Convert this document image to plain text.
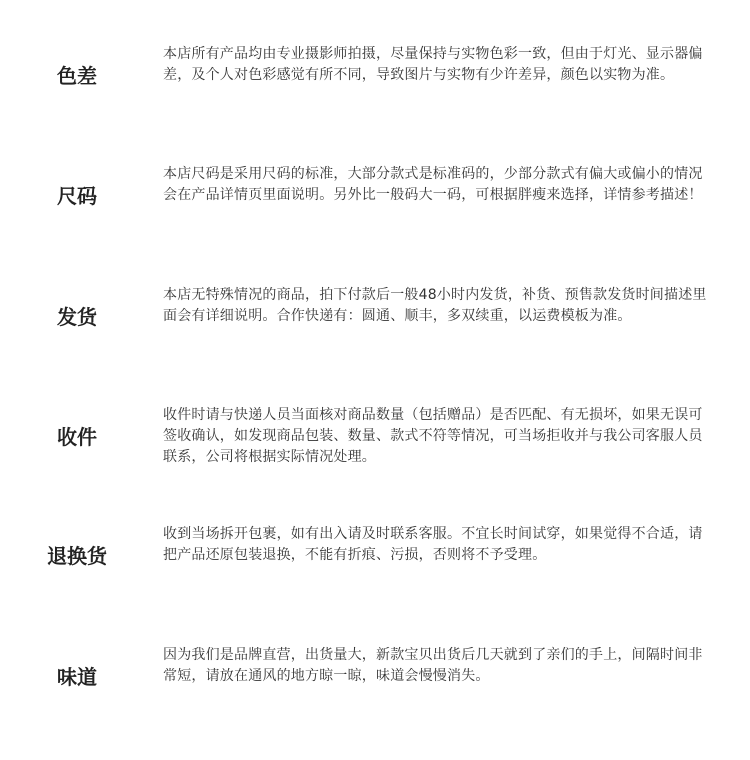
色差
本店所有产品均由专业摄影师拍摄，尽量保持与实物色彩一致，但由于灯光、显示器偏差，及个人对色彩感觉有所不同，导致图片与实物有少许差异，颜色以实物为准。
尺码
本店尺码是采用尺码的标准，大部分款式是标准码的，少部分款式有偏大或偏小的情况会在产品详情页里面说明。另外比一般码大一码，可根据胖瘦来选择，详情参考描述！
发货
本店无特殊情况的商品，拍下付款后一般48小时内发货，补货、预售款发货时间描述里面会有详细说明。合作快递有：圆通、顺丰，多双续重，以运费模板为准。
收件
收件时请与快递人员当面核对商品数量（包括赠品）是否匹配、有无损坏，如果无误可签收确认，如发现商品包装、数量、款式不符等情况，可当场拒收并与我公司客服人员联系，公司将根据实际情况处理。
退换货
收到当场拆开包裹，如有出入请及时联系客服。不宜长时间试穿，如果觉得不合适，请把产品还原包装退换，不能有折痕、污损，否则将不予受理。
味道
因为我们是品牌直营，出货量大，新款宝贝出货后几天就到了亲们的手上，间隔时间非常短，请放在通风的地方晾一晾，味道会慢慢消失。
